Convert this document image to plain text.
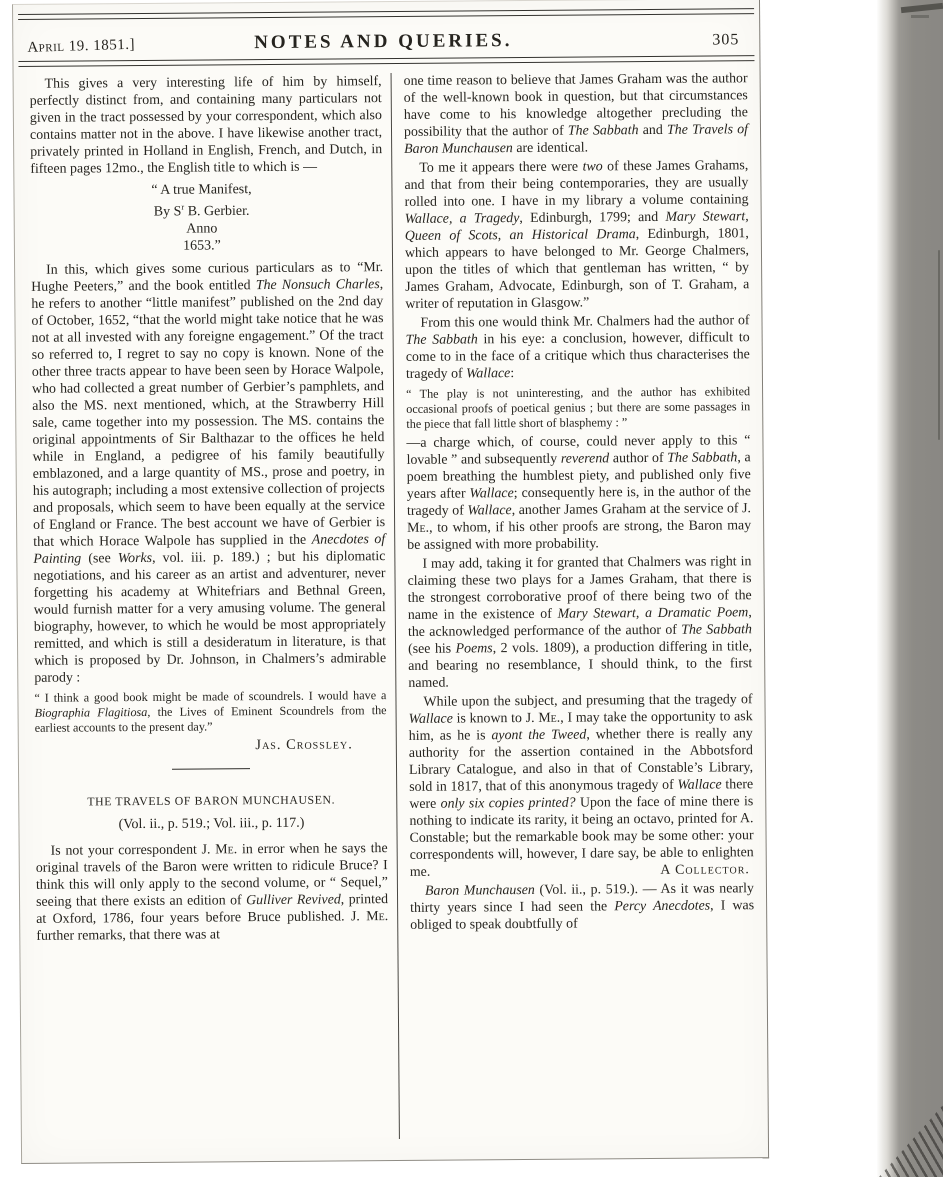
April 19. 1851.]	NOTES AND QUERIES.	305

This gives a very interesting life of him by himself, perfectly distinct from, and containing many particulars not given in the tract possessed by your correspondent, which also contains matter not in the above. I have likewise another tract, privately printed in Holland in English, French, and Dutch, in fifteen pages 12mo., the English title to which is —

“ A true Manifest,
By $S^r$ B. Gerbier.
Anno
1653.”

In this, which gives some curious particulars as to “Mr. Hughe Peeters,” and the book entitled The Nonsuch Charles, he refers to another “little manifest” published on the 2nd day of October, 1652, “that the world might take notice that he was not at all invested with any foreigne engagement.” Of the tract so referred to, I regret to say no copy is known. None of the other three tracts appear to have been seen by Horace Walpole, who had collected a great number of Gerbier’s pamphlets, and also the MS. next mentioned, which, at the Strawberry Hill sale, came together into my possession. The MS. contains the original appointments of Sir Balthazar to the offices he held while in England, a pedigree of his family beautifully emblazoned, and a large quantity of MS., prose and poetry, in his autograph; including a most extensive collection of projects and proposals, which seem to have been equally at the service of England or France. The best account we have of Gerbier is that which Horace Walpole has supplied in the Anecdotes of Painting (see Works, vol. iii. p. 189.) ; but his diplomatic negotiations, and his career as an artist and adventurer, never forgetting his academy at Whitefriars and Bethnal Green, would furnish matter for a very amusing volume. The general biography, however, to which he would be most appropriately remitted, and which is still a desideratum in literature, is that which is proposed by Dr. Johnson, in Chalmers’s admirable parody :

“ I think a good book might be made of scoundrels. I would have a Biographia Flagitiosa, the Lives of Eminent Scoundrels from the earliest accounts to the present day.”

Jas. Crossley.
THE TRAVELS OF BARON MUNCHAUSEN.
(Vol. ii., p. 519.; Vol. iii., p. 117.)

Is not your correspondent J. Me. in error when he says the original travels of the Baron were written to ridicule Bruce? I think this will only apply to the second volume, or “ Sequel,” seeing that there exists an edition of Gulliver Revived, printed at Oxford, 1786, four years before Bruce published. J. Me. further remarks, that there was at

one time reason to believe that James Graham was the author of the well-known book in question, but that circumstances have come to his knowledge altogether precluding the possibility that the author of The Sabbath and The Travels of Baron Munchausen are identical.

To me it appears there were two of these James Grahams, and that from their being contemporaries, they are usually rolled into one. I have in my library a volume containing Wallace, a Tragedy, Edinburgh, 1799; and Mary Stewart, Queen of Scots, an Historical Drama, Edinburgh, 1801, which appears to have belonged to Mr. George Chalmers, upon the titles of which that gentleman has written, “ by James Graham, Advocate, Edinburgh, son of T. Graham, a writer of reputation in Glasgow.”

From this one would think Mr. Chalmers had the author of The Sabbath in his eye: a conclusion, however, difficult to come to in the face of a critique which thus characterises the tragedy of Wallace:

“ The play is not uninteresting, and the author has exhibited occasional proofs of poetical genius ; but there are some passages in the piece that fall little short of blasphemy : ”

—a charge which, of course, could never apply to this “ lovable ” and subsequently reverend author of The Sabbath, a poem breathing the humblest piety, and published only five years after Wallace; consequently here is, in the author of the tragedy of Wallace, another James Graham at the service of J. Me., to whom, if his other proofs are strong, the Baron may be assigned with more probability.

I may add, taking it for granted that Chalmers was right in claiming these two plays for a James Graham, that there is the strongest corroborative proof of there being two of the name in the existence of Mary Stewart, a Dramatic Poem, the acknowledged performance of the author of The Sabbath (see his Poems, 2 vols. 1809), a production differing in title, and bearing no resemblance, I should think, to the first named.

While upon the subject, and presuming that the tragedy of Wallace is known to J. Me., I may take the opportunity to ask him, as he is ayont the Tweed, whether there is really any authority for the assertion contained in the Abbotsford Library Catalogue, and also in that of Constable’s Library, sold in 1817, that of this anonymous tragedy of Wallace there were only six copies printed? Upon the face of mine there is nothing to indicate its rarity, it being an octavo, printed for A. Constable; but the remarkable book may be some other: your correspondents will, however, I dare say, be able to enlighten me.	A Collector.

Baron Munchausen (Vol. ii., p. 519.). — As it was nearly thirty years since I had seen the Percy Anecdotes, I was obliged to speak doubtfully of
